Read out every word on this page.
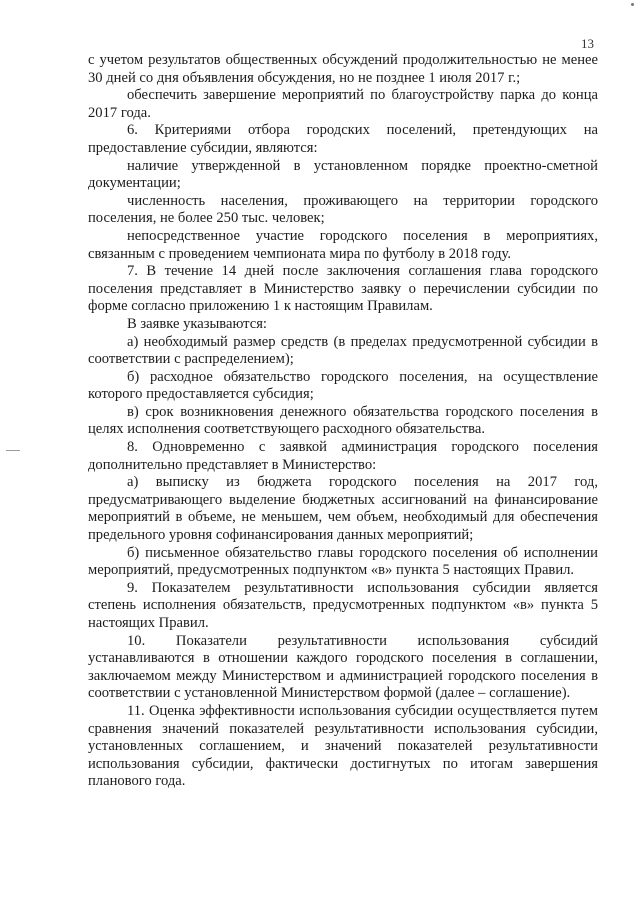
13

с учетом результатов общественных обсуждений продолжительностью не менее 30 дней со дня объявления обсуждения, но не позднее 1 июля 2017 г.;

обеспечить завершение мероприятий по благоустройству парка до конца 2017 года.

6. Критериями отбора городских поселений, претендующих на предоставление субсидии, являются:

наличие утвержденной в установленном порядке проектно-сметной документации;

численность населения, проживающего на территории городского поселения, не более 250 тыс. человек;

непосредственное участие городского поселения в мероприятиях, связанным с проведением чемпионата мира по футболу в 2018 году.

7. В течение 14 дней после заключения соглашения глава городского поселения представляет в Министерство заявку о перечислении субсидии по форме согласно приложению 1 к настоящим Правилам.

В заявке указываются:

а) необходимый размер средств (в пределах предусмотренной субсидии в соответствии с распределением);

б) расходное обязательство городского поселения, на осуществление которого предоставляется субсидия;

в) срок возникновения денежного обязательства городского поселения в целях исполнения соответствующего расходного обязательства.

8. Одновременно с заявкой администрация городского поселения дополнительно представляет в Министерство:

а) выписку из бюджета городского поселения на 2017 год, предусматривающего выделение бюджетных ассигнований на финансирование мероприятий в объеме, не меньшем, чем объем, необходимый для обеспечения предельного уровня софинансирования данных мероприятий;

б) письменное обязательство главы городского поселения об исполнении мероприятий, предусмотренных подпунктом «в» пункта 5 настоящих Правил.

9. Показателем результативности использования субсидии является степень исполнения обязательств, предусмотренных подпунктом «в» пункта 5 настоящих Правил.

10. Показатели результативности использования субсидий устанавливаются в отношении каждого городского поселения в соглашении, заключаемом между Министерством и администрацией городского поселения в соответствии с установленной Министерством формой (далее – соглашение).

11. Оценка эффективности использования субсидии осуществляется путем сравнения значений показателей результативности использования субсидии, установленных соглашением, и значений показателей результативности использования субсидии, фактически достигнутых по итогам завершения планового года.
